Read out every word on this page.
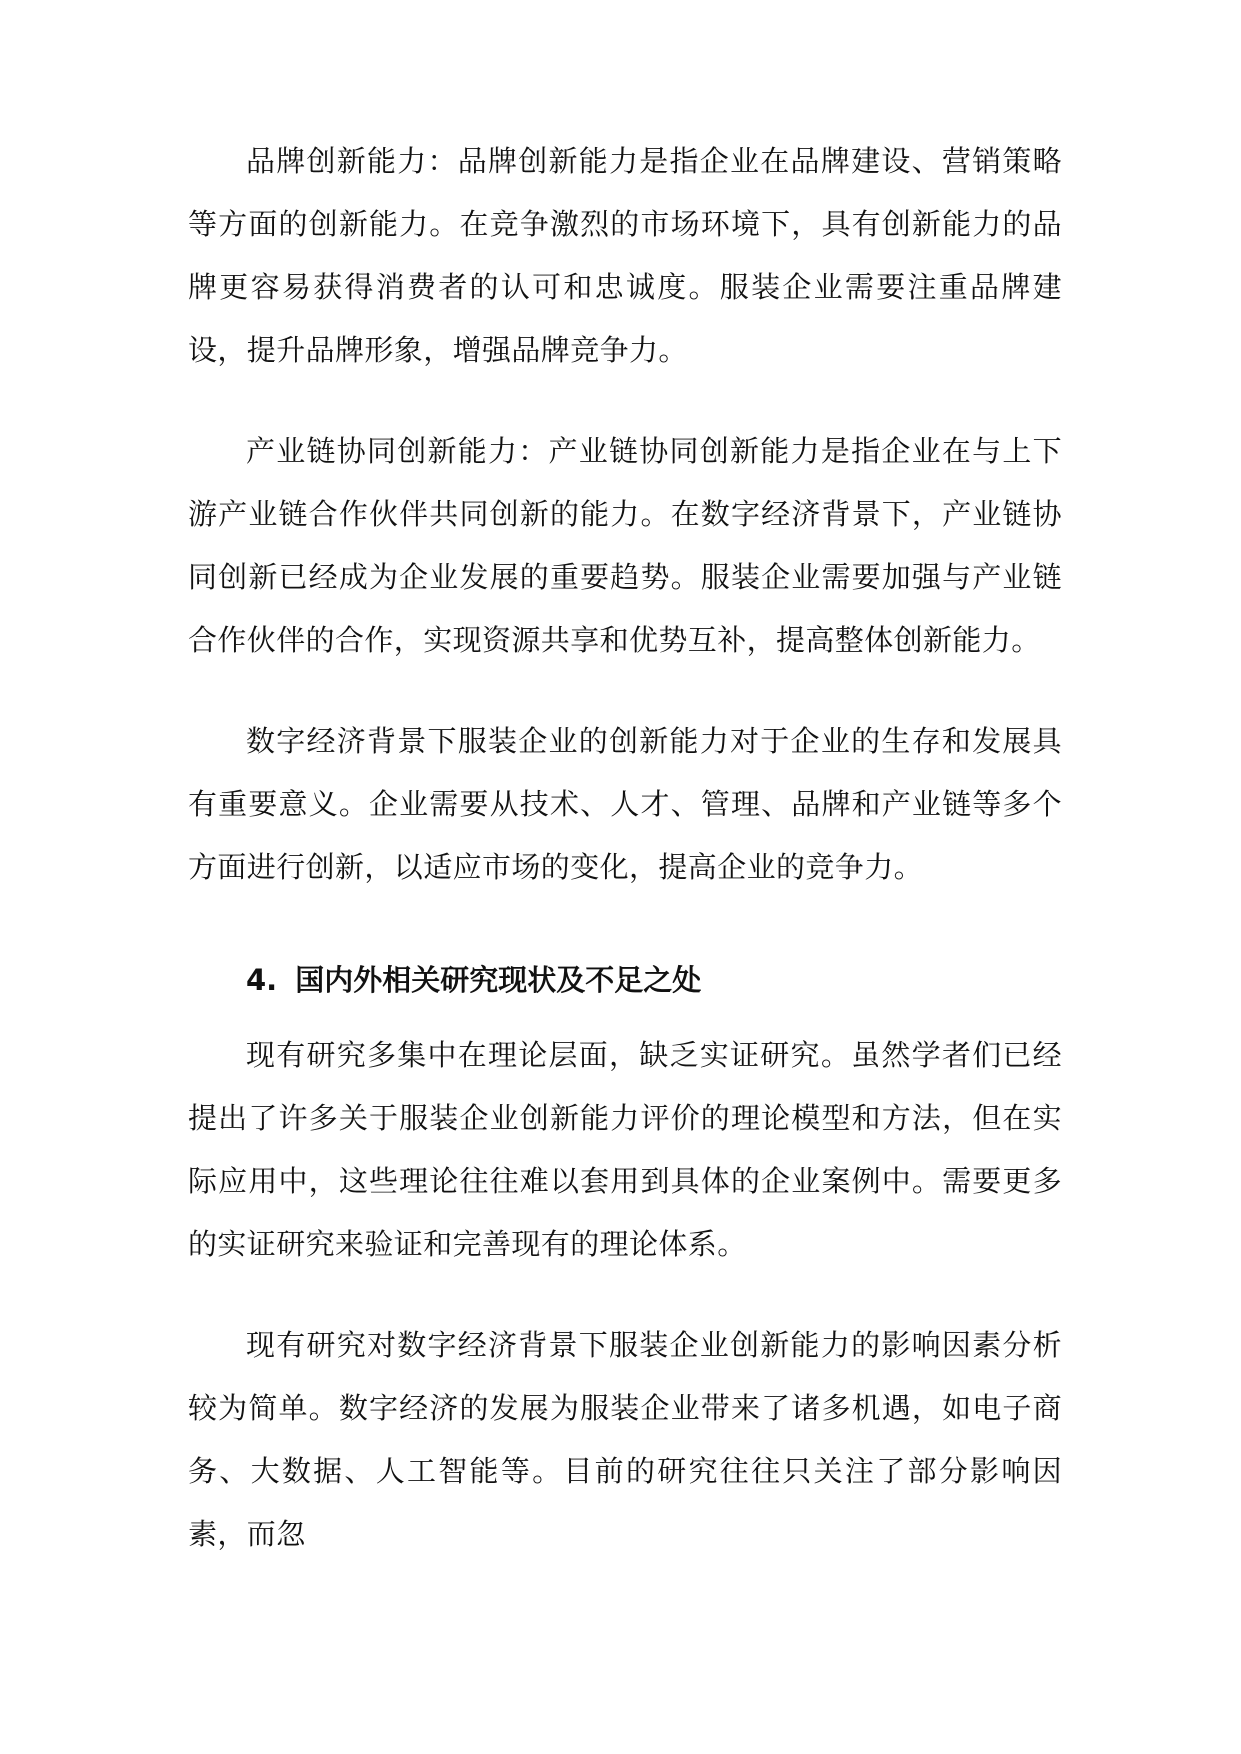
品牌创新能力：品牌创新能力是指企业在品牌建设、营销策略等方面的创新能力。在竞争激烈的市场环境下，具有创新能力的品牌更容易获得消费者的认可和忠诚度。服装企业需要注重品牌建设，提升品牌形象，增强品牌竞争力。

产业链协同创新能力：产业链协同创新能力是指企业在与上下游产业链合作伙伴共同创新的能力。在数字经济背景下，产业链协同创新已经成为企业发展的重要趋势。服装企业需要加强与产业链合作伙伴的合作，实现资源共享和优势互补，提高整体创新能力。

数字经济背景下服装企业的创新能力对于企业的生存和发展具有重要意义。企业需要从技术、人才、管理、品牌和产业链等多个方面进行创新，以适应市场的变化，提高企业的竞争力。

4. 国内外相关研究现状及不足之处

现有研究多集中在理论层面，缺乏实证研究。虽然学者们已经提出了许多关于服装企业创新能力评价的理论模型和方法，但在实际应用中，这些理论往往难以套用到具体的企业案例中。需要更多的实证研究来验证和完善现有的理论体系。

现有研究对数字经济背景下服装企业创新能力的影响因素分析较为简单。数字经济的发展为服装企业带来了诸多机遇，如电子商务、大数据、人工智能等。目前的研究往往只关注了部分影响因素，而忽
